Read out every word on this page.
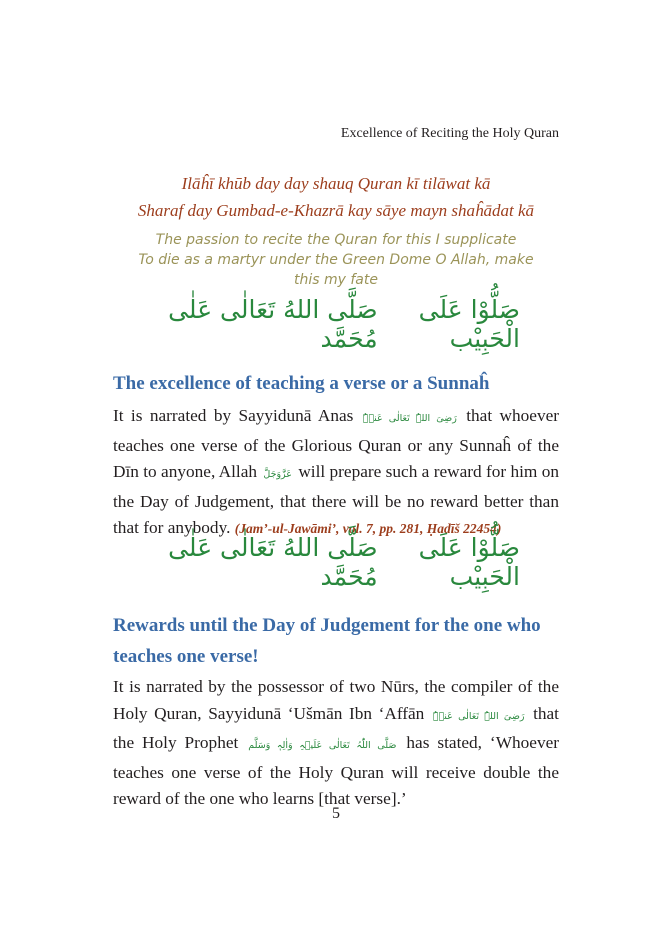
Excellence of Reciting the Holy Quran
Ilāĥī khūb day day shauq Quran kī tilāwat kā
Sharaf day Gumbad-e-Khazrā kay sāye mayn shaĥādat kā
The passion to recite the Quran for this I supplicate
To die as a martyr under the Green Dome O Allah, make
this my fate
صَلُّوْا عَلَى الْحَبِيْب
صَلَّى اللهُ تَعَالٰى عَلٰى مُحَمَّد
The excellence of teaching a verse or a Sunnaĥ

It is narrated by Sayyidunā Anas رَضِیَ اللہُ تَعَالٰی عَنۡہُ that whoever teaches one verse of the Glorious Quran or any Sunnaĥ of the Dīn to anyone, Allah عَزَّوَجَلَّ will prepare such a reward for him on the Day of Judgement, that there will be no reward better than that for anybody. (Jam’-ul-Jawāmi’, vol. 7, pp. 281, Ḥadīš 22454)

صَلُّوْا عَلَى الْحَبِيْب
صَلَّى اللهُ تَعَالٰى عَلٰى مُحَمَّد
Rewards until the Day of Judgement for the one who teaches one verse!

It is narrated by the possessor of two Nūrs, the compiler of the Holy Quran, Sayyidunā ‘Ušmān Ibn ‘Affān رَضِیَ اللہُ تَعَالٰی عَنۡہُ that the Holy Prophet صَلَّی اللّٰہُ تَعَالٰی عَلَیۡہِ وَاٰلِہٖ وَسَلَّم has stated, ‘Whoever teaches one verse of the Holy Quran will receive double the reward of the one who learns [that verse].’

5
